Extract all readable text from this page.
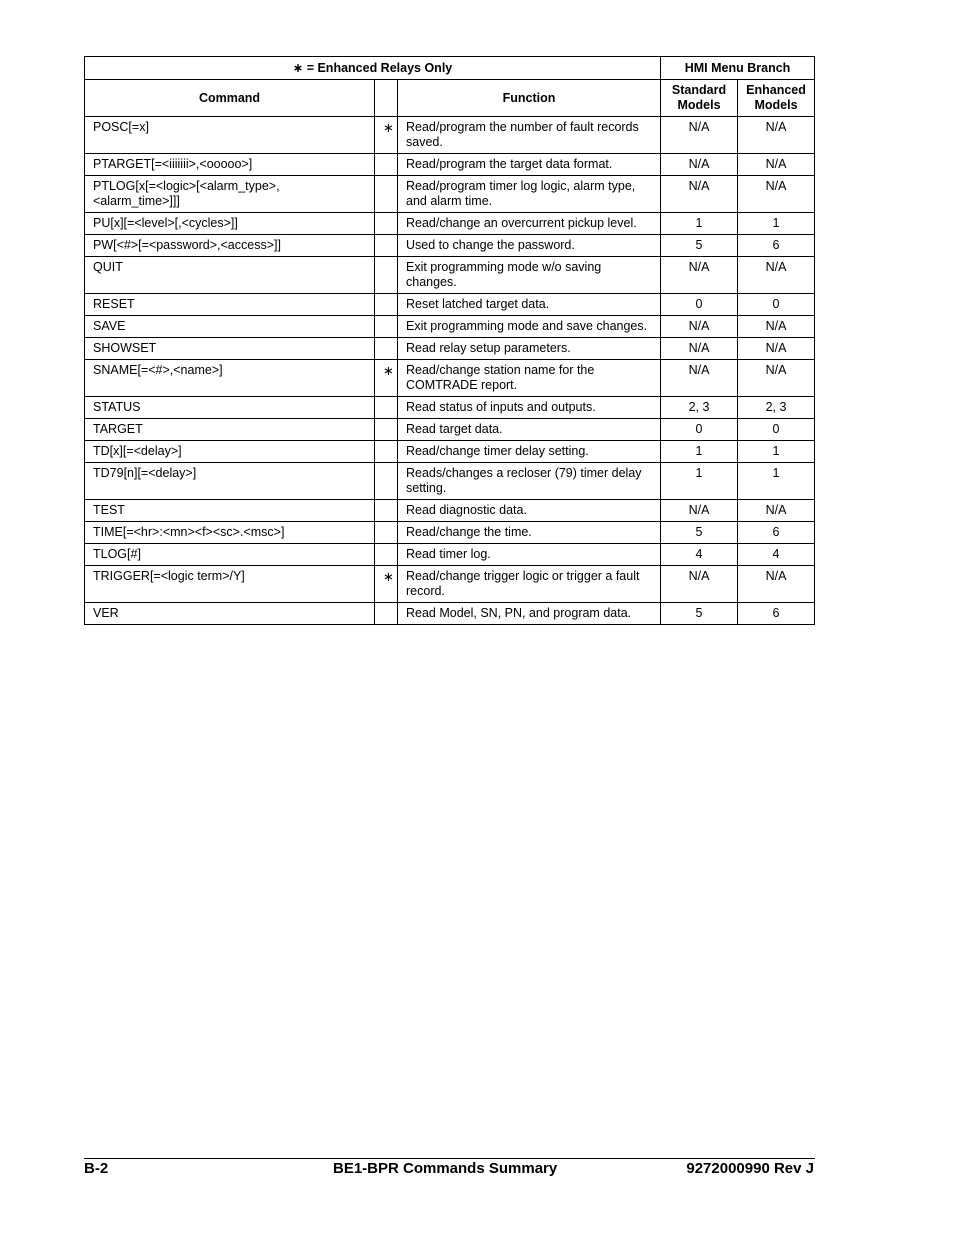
∗ = Enhanced Relays Only			HMI Menu Branch	
Command		Function	Standard Models	Enhanced Models
POSC[=x]	∗	Read/program the number of fault records saved.	N/A	N/A
PTARGET[=<iiiiiii>,<ooooo>]		Read/program the target data format.	N/A	N/A
PTLOG[x[=<logic>[<alarm_type>,<alarm_time>]]]		Read/program timer log logic, alarm type, and alarm time.	N/A	N/A
PU[x][=<level>[,<cycles>]]		Read/change an overcurrent pickup level.	1	1
PW[<#>[=<password>,<access>]]		Used to change the password.	5	6
QUIT		Exit programming mode w/o saving changes.	N/A	N/A
RESET		Reset latched target data.	0	0
SAVE		Exit programming mode and save changes.	N/A	N/A
SHOWSET		Read relay setup parameters.	N/A	N/A
SNAME[=<#>,<name>]	∗	Read/change station name for the COMTRADE report.	N/A	N/A
STATUS		Read status of inputs and outputs.	2, 3	2, 3
TARGET		Read target data.	0	0
TD[x][=<delay>]		Read/change timer delay setting.	1	1
TD79[n][=<delay>]		Reads/changes a recloser (79) timer delay setting.	1	1
TEST		Read diagnostic data.	N/A	N/A
TIME[=<hr>:<mn><f><sc>.<msc>]		Read/change the time.	5	6
TLOG[#]		Read timer log.	4	4
TRIGGER[=<logic term>/Y]	∗	Read/change trigger logic or trigger a fault record.	N/A	N/A
VER		Read Model, SN, PN, and program data.	5	6
B-2	BE1-BPR Commands Summary	9272000990 Rev J
